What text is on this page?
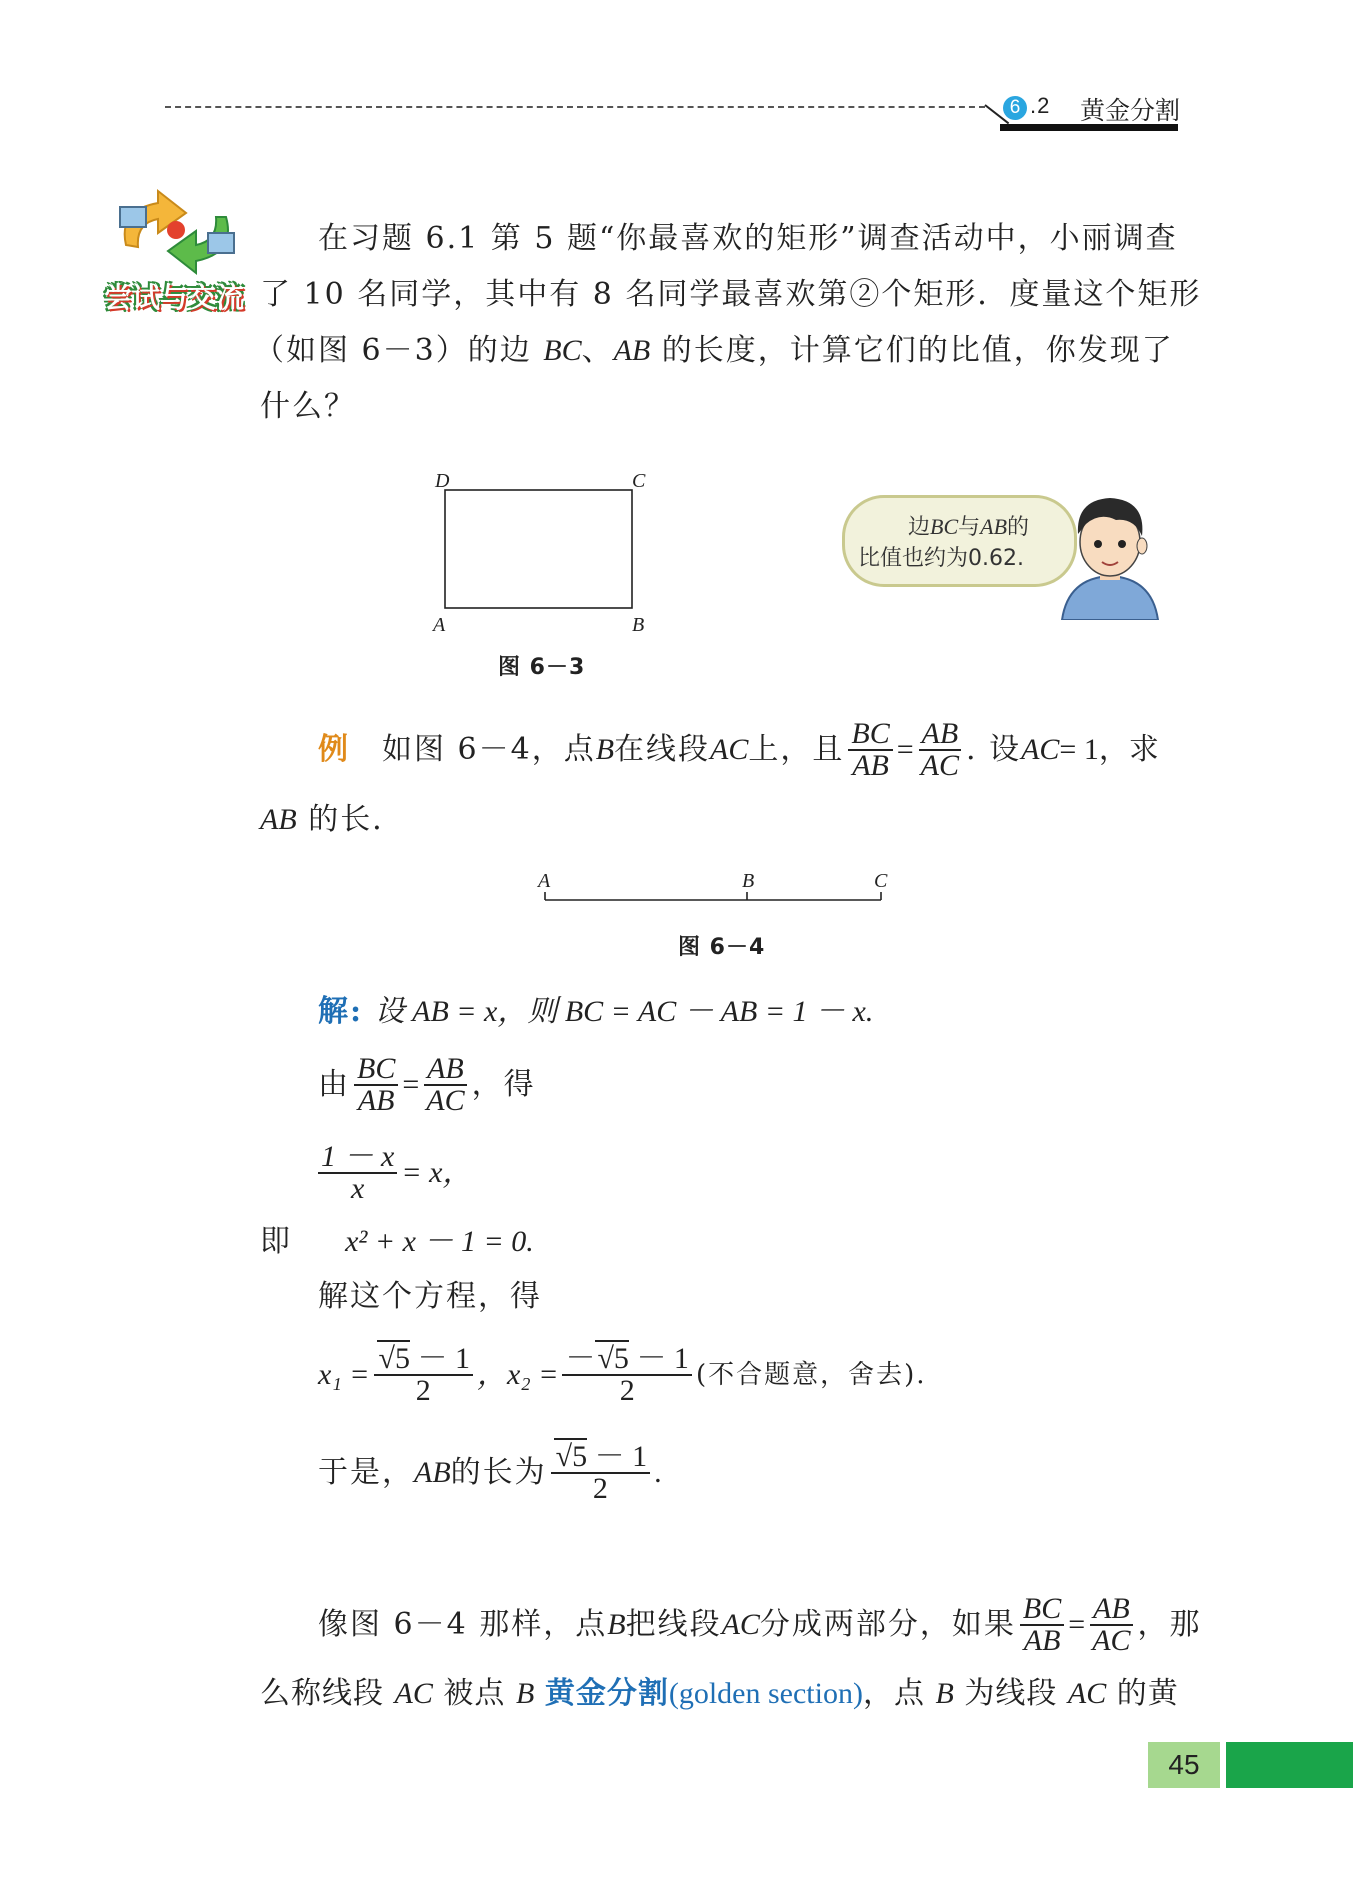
6 .2 黄金分割
尝试与交流
在习题 6.1 第 5 题“你最喜欢的矩形”调查活动中，小丽调查
了 10 名同学，其中有 8 名同学最喜欢第②个矩形．度量这个矩形
（如图 6－3）的边 BC、AB 的长度，计算它们的比值，你发现了
什么？
D	C
A	B
图 6－3
边BC与AB的
比值也约为0.62.
例 如图 6－4，点 B 在线段 AC 上，且 $\frac{BC}{AB} = \frac{AB}{AC}$ . 设 AC = 1，求
AB 的长．
A	B	C
图 6－4
解: 设 AB = x，则 BC = AC － AB = 1 － x.
由 $\frac{BC}{AB} = \frac{AB}{AC}$ ，得
$\frac{1 - x}{x} = x$，
即 x² + x － 1 = 0.
解这个方程，得
$x_1 = \frac{√5 - 1}{2}$ ，$x_2 = \frac{-√5 - 1}{2}$ (不合题意，舍去).
于是， AB 的长为 $\frac{√5 - 1}{2}$ .
像图 6－4 那样，点 B 把线段 AC 分成两部分，如果 $\frac{BC}{AB} = \frac{AB}{AC}$ ，那
么称线段 AC 被点 B 黄金分割(golden section)，点 B 为线段 AC 的黄
45
